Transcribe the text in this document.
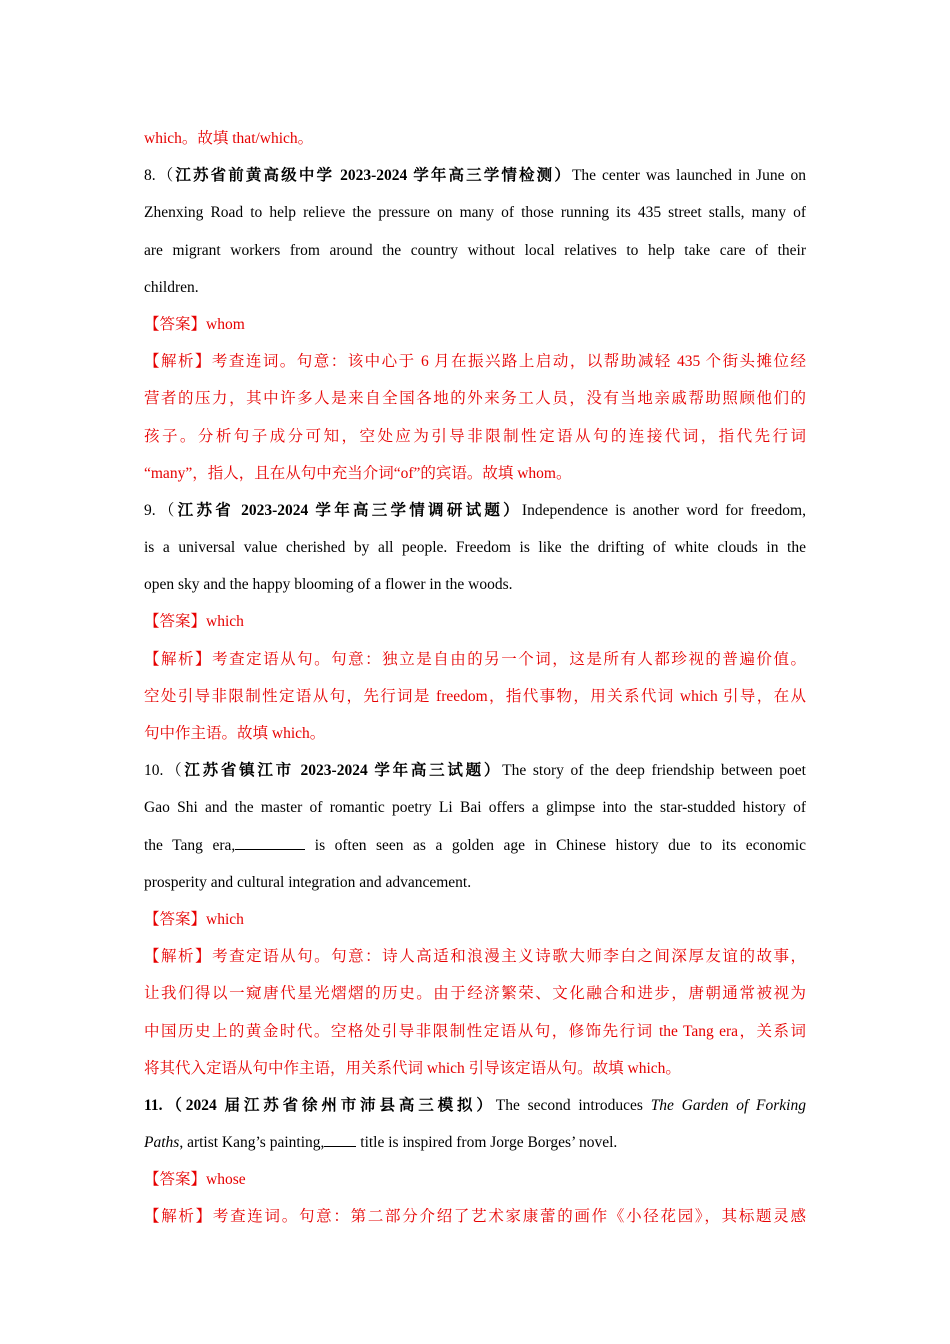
which。故填 that/which。
8.（江苏省前黄高级中学 2023-2024 学年高三学情检测）The center was launched in June on
Zhenxing Road to help relieve the pressure on many of those running its 435 street stalls, many of
are migrant workers from around the country without local relatives to help take care of their
children.
【答案】whom
【解析】考查连词。句意：该中心于 6 月在振兴路上启动，以帮助减轻 435 个街头摊位经
营者的压力，其中许多人是来自全国各地的外来务工人员，没有当地亲戚帮助照顾他们的
孩子。分析句子成分可知，空处应为引导非限制性定语从句的连接代词，指代先行词
“many”，指人，且在从句中充当介词“of”的宾语。故填 whom。
9.（江苏省 2023-2024 学年高三学情调研试题）Independence is another word for freedom,
is a universal value cherished by all people. Freedom is like the drifting of white clouds in the
open sky and the happy blooming of a flower in the woods.
【答案】which
【解析】考查定语从句。句意：独立是自由的另一个词，这是所有人都珍视的普遍价值。
空处引导非限制性定语从句，先行词是 freedom，指代事物，用关系代词 which 引导，在从
句中作主语。故填 which。
10.（江苏省镇江市 2023-2024 学年高三试题）The story of the deep friendship between poet
Gao Shi and the master of romantic poetry Li Bai offers a glimpse into the star-studded history of
the Tang era,	is often seen as a golden age in Chinese history due to its economic
prosperity and cultural integration and advancement.
【答案】which
【解析】考查定语从句。句意：诗人高适和浪漫主义诗歌大师李白之间深厚友谊的故事，
让我们得以一窥唐代星光熠熠的历史。由于经济繁荣、文化融合和进步，唐朝通常被视为
中国历史上的黄金时代。空格处引导非限制性定语从句，修饰先行词 the Tang era，关系词
将其代入定语从句中作主语，用关系代词 which 引导该定语从句。故填 which。
11.（2024 届江苏省徐州市沛县高三模拟）The second introduces The Garden of Forking
Paths, artist Kang’s painting, title is inspired from Jorge Borges’ novel.
【答案】whose
【解析】考查连词。句意：第二部分介绍了艺术家康蕾的画作《小径花园》，其标题灵感
